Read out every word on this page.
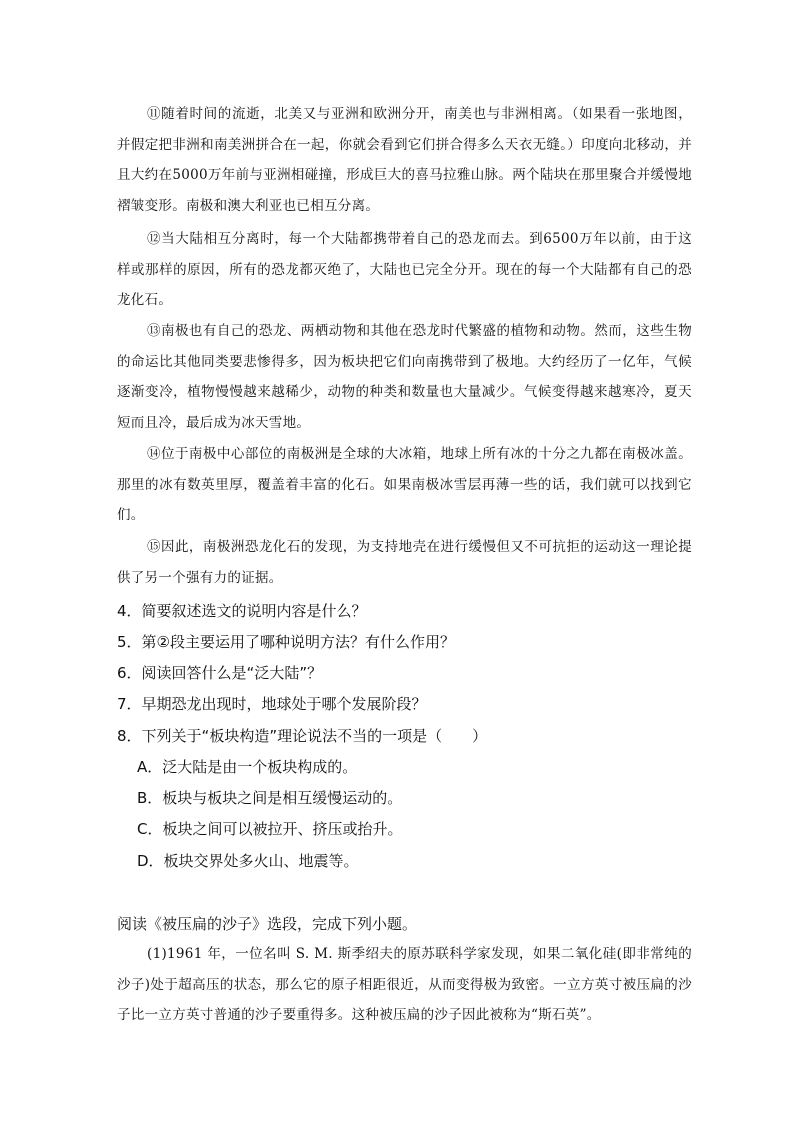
⑪随着时间的流逝，北美又与亚洲和欧洲分开，南美也与非洲相离。（如果看一张地图，并假定把非洲和南美洲拼合在一起，你就会看到它们拼合得多么天衣无缝。）印度向北移动，并且大约在5000万年前与亚洲相碰撞，形成巨大的喜马拉雅山脉。两个陆块在那里聚合并缓慢地褶皱变形。南极和澳大利亚也已相互分离。

⑫当大陆相互分离时，每一个大陆都携带着自己的恐龙而去。到6500万年以前，由于这样或那样的原因，所有的恐龙都灭绝了，大陆也已完全分开。现在的每一个大陆都有自己的恐龙化石。

⑬南极也有自己的恐龙、两栖动物和其他在恐龙时代繁盛的植物和动物。然而，这些生物的命运比其他同类要悲惨得多，因为板块把它们向南携带到了极地。大约经历了一亿年，气候逐渐变冷，植物慢慢越来越稀少，动物的种类和数量也大量减少。气候变得越来越寒冷，夏天短而且冷，最后成为冰天雪地。

⑭位于南极中心部位的南极洲是全球的大冰箱，地球上所有冰的十分之九都在南极冰盖。那里的冰有数英里厚，覆盖着丰富的化石。如果南极冰雪层再薄一些的话，我们就可以找到它们。

⑮因此，南极洲恐龙化石的发现，为支持地壳在进行缓慢但又不可抗拒的运动这一理论提供了另一个强有力的证据。

4．简要叙述选文的说明内容是什么？

5．第②段主要运用了哪种说明方法？有什么作用？

6．阅读回答什么是“泛大陆”？

7．早期恐龙出现时，地球处于哪个发展阶段？

8．下列关于“板块构造”理论说法不当的一项是（　　）

A．泛大陆是由一个板块构成的。

B．板块与板块之间是相互缓慢运动的。

C．板块之间可以被拉开、挤压或抬升。

D．板块交界处多火山、地震等。

阅读《被压扁的沙子》选段，完成下列小题。

(1)1961 年，一位名叫 S. M. 斯季绍夫的原苏联科学家发现，如果二氧化硅(即非常纯的沙子)处于超高压的状态，那么它的原子相距很近，从而变得极为致密。一立方英寸被压扁的沙子比一立方英寸普通的沙子要重得多。这种被压扁的沙子因此被称为“斯石英”。
